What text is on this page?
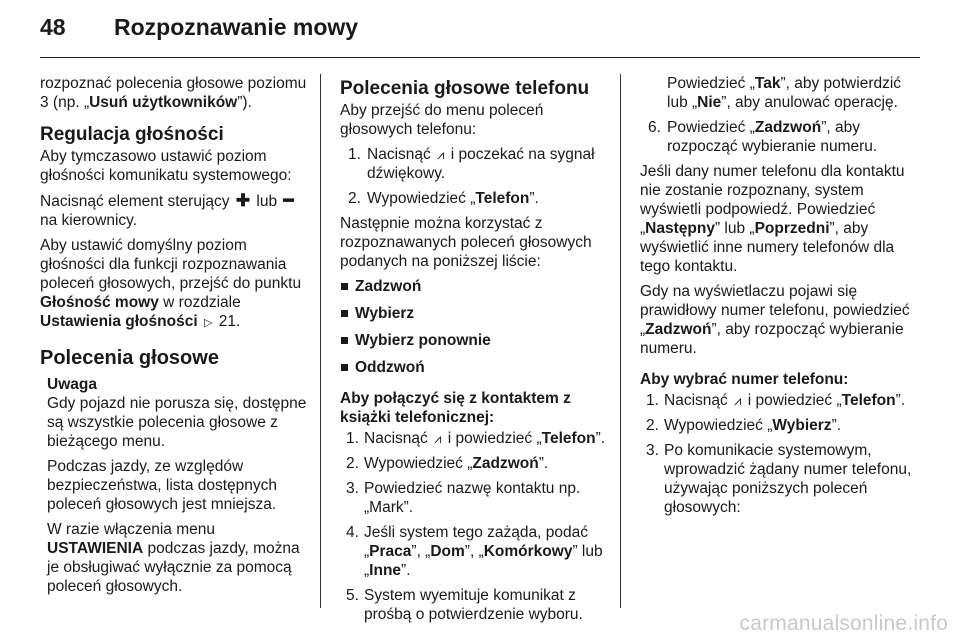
48	Rozpoznawanie mowy

rozpoznać polecenia głosowe poziomu 3 (np. „Usuń użytkowników”).

Regulacja głośności

Aby tymczasowo ustawić poziom głośności komunikatu systemowego:

Nacisnąć element sterujący ✚ lub ━ na kierownicy.

Aby ustawić domyślny poziom głośności dla funkcji rozpoznawania poleceń głosowych, przejść do punktu Głośność mowy w rozdziale Ustawienia głośności ▷ 21.

Polecenia głosowe

Uwaga

Gdy pojazd nie porusza się, dostępne są wszystkie polecenia głosowe z bieżącego menu.

Podczas jazdy, ze względów bezpieczeństwa, lista dostępnych poleceń głosowych jest mniejsza.

W razie włączenia menu USTAWIENIA podczas jazdy, można je obsługiwać wyłącznie za pomocą poleceń głosowych.

Polecenia głosowe telefonu

Aby przejść do menu poleceń głosowych telefonu:

1. Nacisnąć ⩘ i poczekać na sygnał dźwiękowy.
2. Wypowiedzieć „Telefon”.

Następnie można korzystać z rozpoznawanych poleceń głosowych podanych na poniższej liście:

Zadzwoń
Wybierz
Wybierz ponownie
Oddzwoń

Aby połączyć się z kontaktem z książki telefonicznej:

1. Nacisnąć ⩘ i powiedzieć „Telefon”.
2. Wypowiedzieć „Zadzwoń”.
3. Powiedzieć nazwę kontaktu np. „Mark”.
4. Jeśli system tego zażąda, podać „Praca”, „Dom”, „Komórkowy” lub „Inne”.
5. System wyemituje komunikat z prośbą o potwierdzenie wyboru.

Powiedzieć „Tak”, aby potwierdzić lub „Nie”, aby anulować operację.

6. Powiedzieć „Zadzwoń”, aby rozpocząć wybieranie numeru.

Jeśli dany numer telefonu dla kontaktu nie zostanie rozpoznany, system wyświetli podpowiedź. Powiedzieć „Następny” lub „Poprzedni”, aby wyświetlić inne numery telefonów dla tego kontaktu.

Gdy na wyświetlaczu pojawi się prawidłowy numer telefonu, powiedzieć „Zadzwoń”, aby rozpocząć wybieranie numeru.

Aby wybrać numer telefonu:

1. Nacisnąć ⩘ i powiedzieć „Telefon”.
2. Wypowiedzieć „Wybierz”.
3. Po komunikacie systemowym, wprowadzić żądany numer telefonu, używając poniższych poleceń głosowych:
carmanualsonline.info
